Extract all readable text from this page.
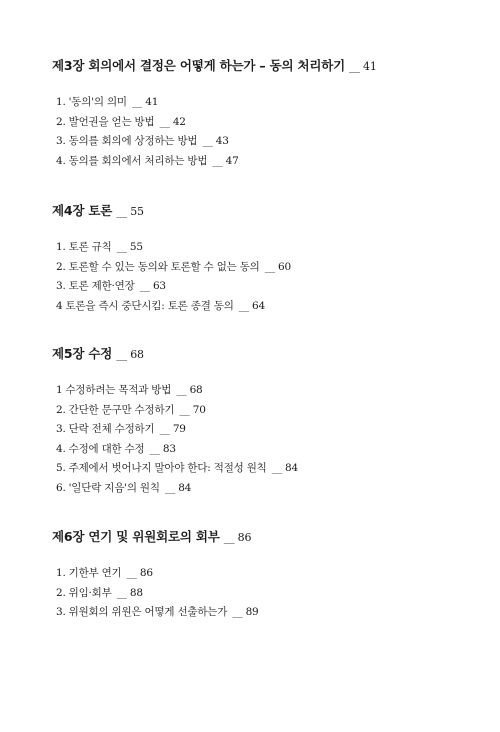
제3장 회의에서 결정은 어떻게 하는가 – 동의 처리하기 __ 41
1. '동의'의 의미 __ 41
2. 발언권을 얻는 방법 __ 42
3. 동의를 회의에 상정하는 방법 __ 43
4. 동의를 회의에서 처리하는 방법 __ 47
제4장 토론 __ 55
1. 토론 규칙 __ 55
2. 토론할 수 있는 동의와 토론할 수 없는 동의 __ 60
3. 토론 제한·연장 __ 63
4 토론을 즉시 중단시킴: 토론 종결 동의 __ 64
제5장 수정 __ 68
1 수정하려는 목적과 방법 __ 68
2. 간단한 문구만 수정하기 __ 70
3. 단락 전체 수정하기 __ 79
4. 수정에 대한 수정 __ 83
5. 주제에서 벗어나지 말아야 한다: 적절성 원칙 __ 84
6. '일단락 지음'의 원칙 __ 84
제6장 연기 및 위원회로의 회부 __ 86
1. 기한부 연기 __ 86
2. 위임·회부 __ 88
3. 위원회의 위원은 어떻게 선출하는가 __ 89
